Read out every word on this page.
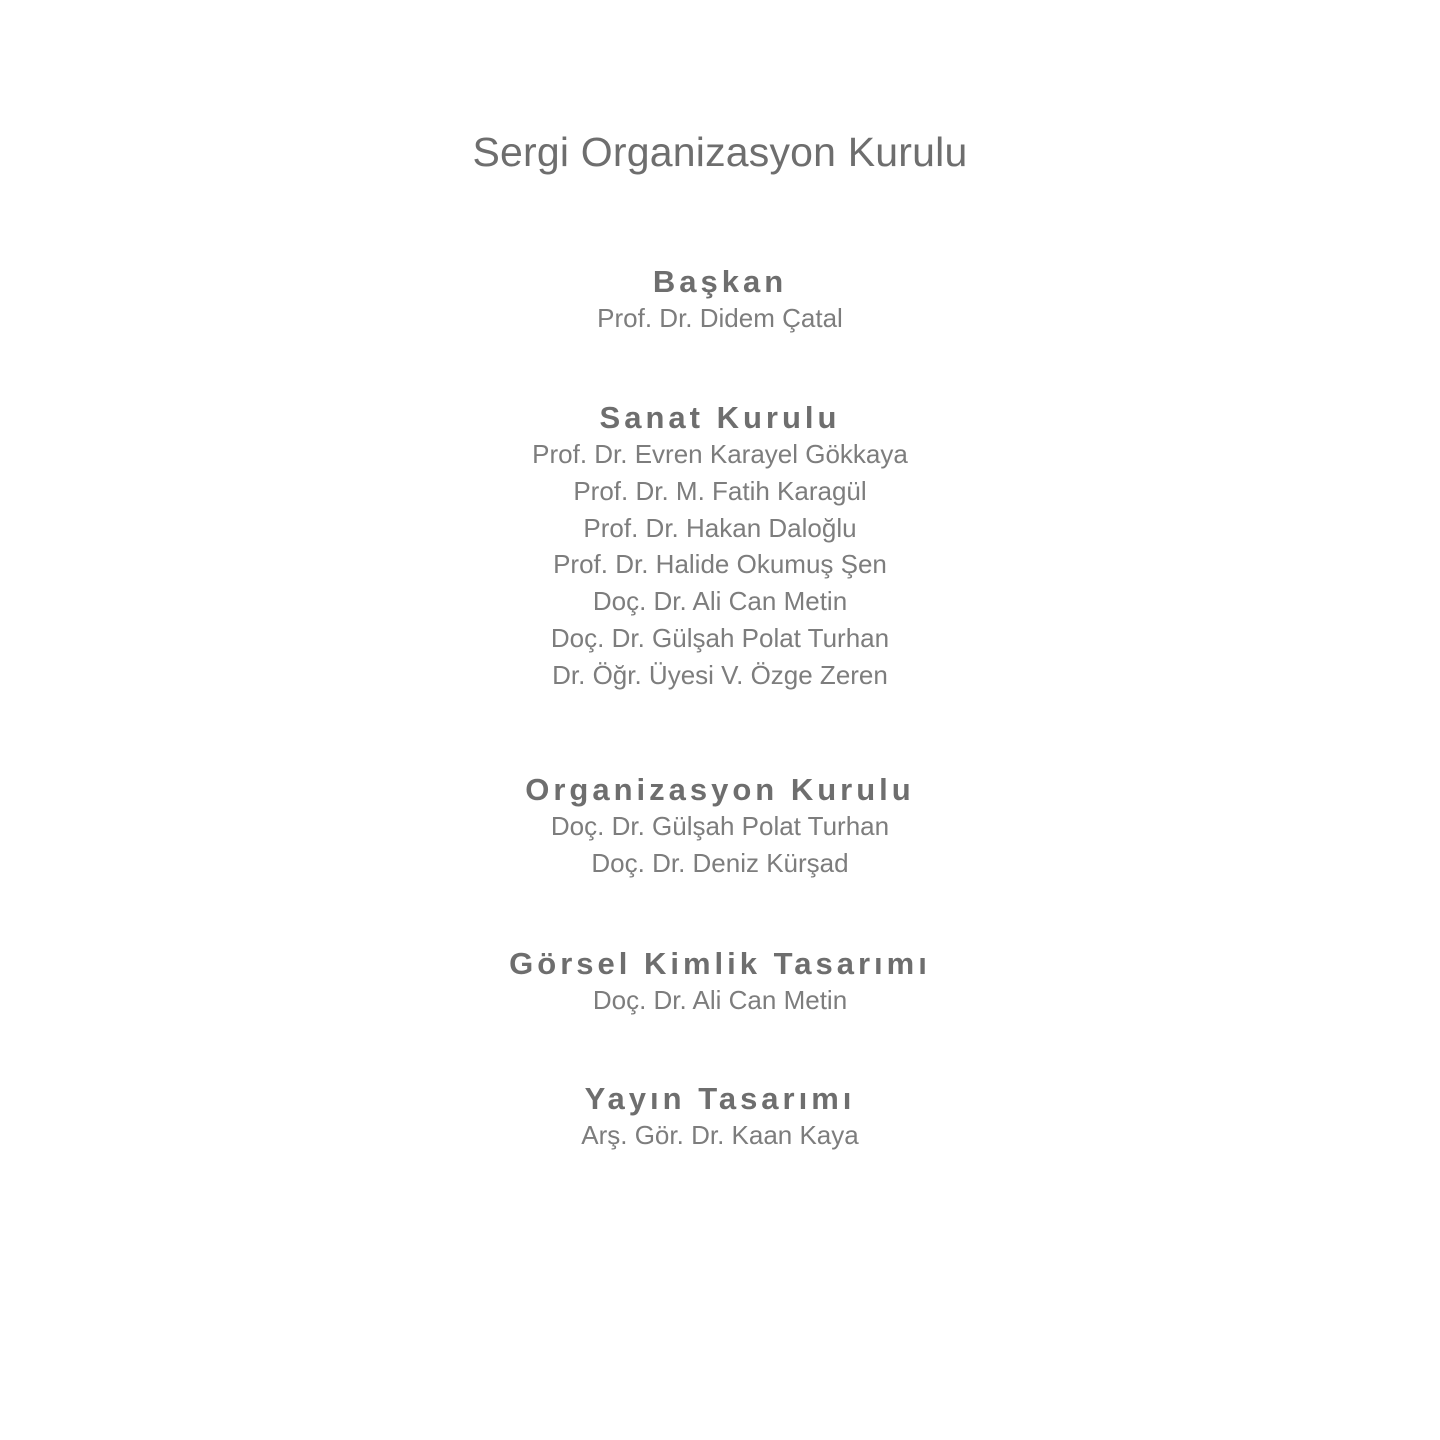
Sergi Organizasyon Kurulu
Başkan
Prof. Dr. Didem Çatal
Sanat Kurulu
Prof. Dr. Evren Karayel Gökkaya
Prof. Dr. M. Fatih Karagül
Prof. Dr. Hakan Daloğlu
Prof. Dr. Halide Okumuş Şen
Doç. Dr. Ali Can Metin
Doç. Dr. Gülşah Polat Turhan
Dr. Öğr. Üyesi V. Özge Zeren
Organizasyon Kurulu
Doç. Dr. Gülşah Polat Turhan
Doç. Dr. Deniz Kürşad
Görsel Kimlik Tasarımı
Doç. Dr. Ali Can Metin
Yayın Tasarımı
Arş. Gör. Dr. Kaan Kaya
